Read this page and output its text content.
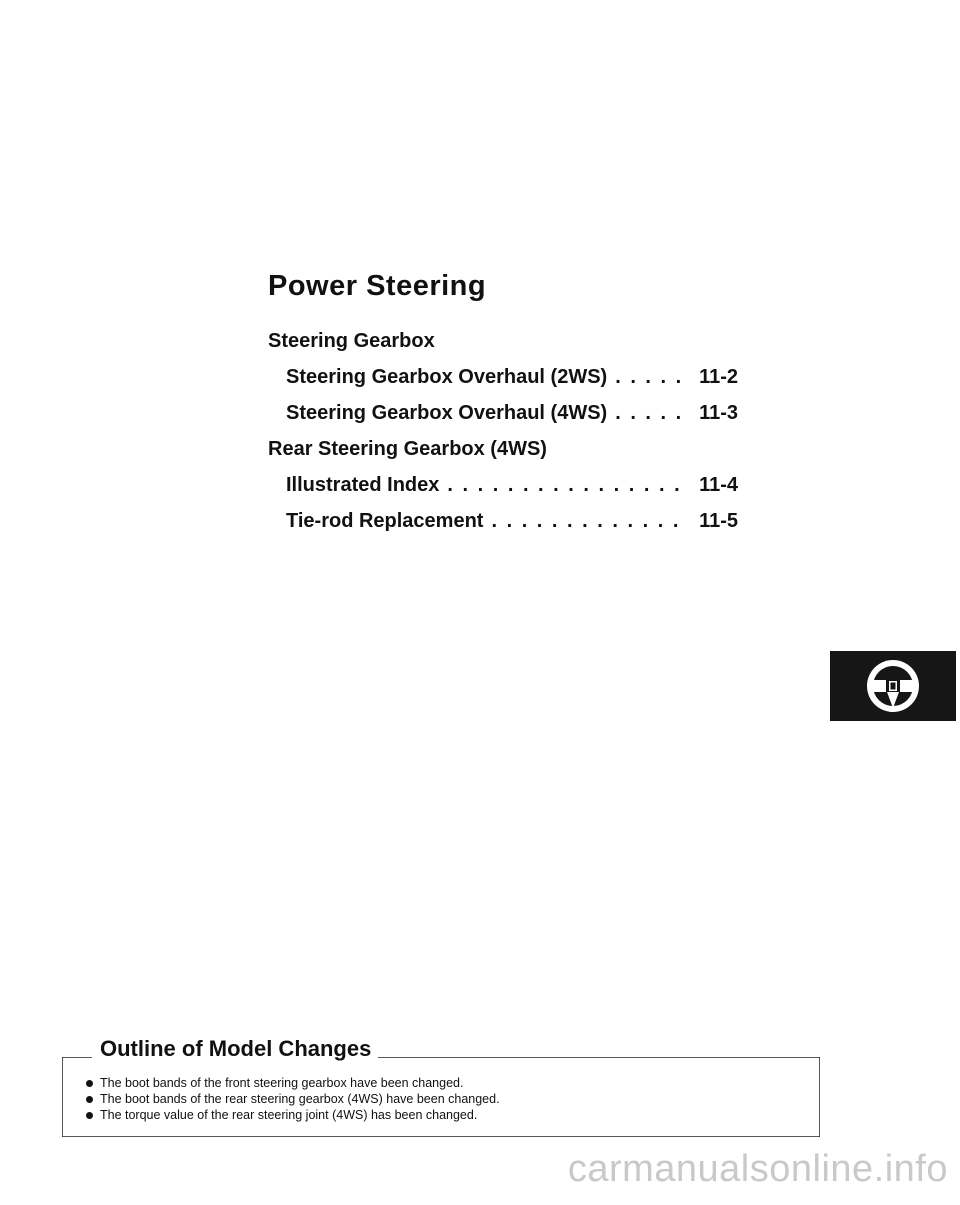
Power Steering
Steering Gearbox
Steering Gearbox Overhaul (2WS) . . .	11-2
Steering Gearbox Overhaul (4WS) . . .	11-3
Rear Steering Gearbox (4WS)
Illustrated Index . . .	11-4
Tie-rod Replacement . . .	11-5
Outline of Model Changes
The boot bands of the front steering gearbox have been changed.
The boot bands of the rear steering gearbox (4WS) have been changed.
The torque value of the rear steering joint (4WS) has been changed.
carmanualsonline.info
